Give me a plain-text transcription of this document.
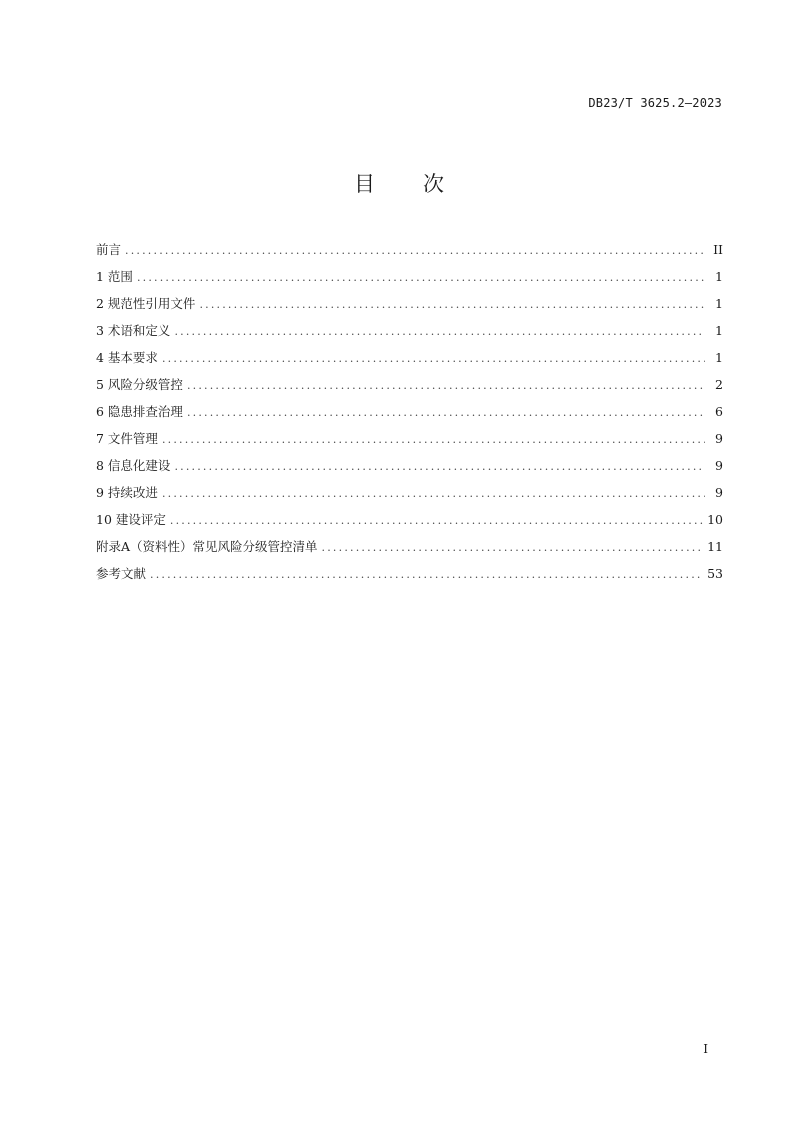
DB23/T 3625.2—2023
目　　次
前言 .....	II
1 范围 .....	1
2 规范性引用文件 .....	1
3 术语和定义 .....	1
4 基本要求 .....	1
5 风险分级管控 .....	2
6 隐患排查治理 .....	6
7 文件管理 .....	9
8 信息化建设 .....	9
9 持续改进 .....	9
10 建设评定 .....	10
附录A（资料性）常见风险分级管控清单 .....	11
参考文献 .....	53
I
